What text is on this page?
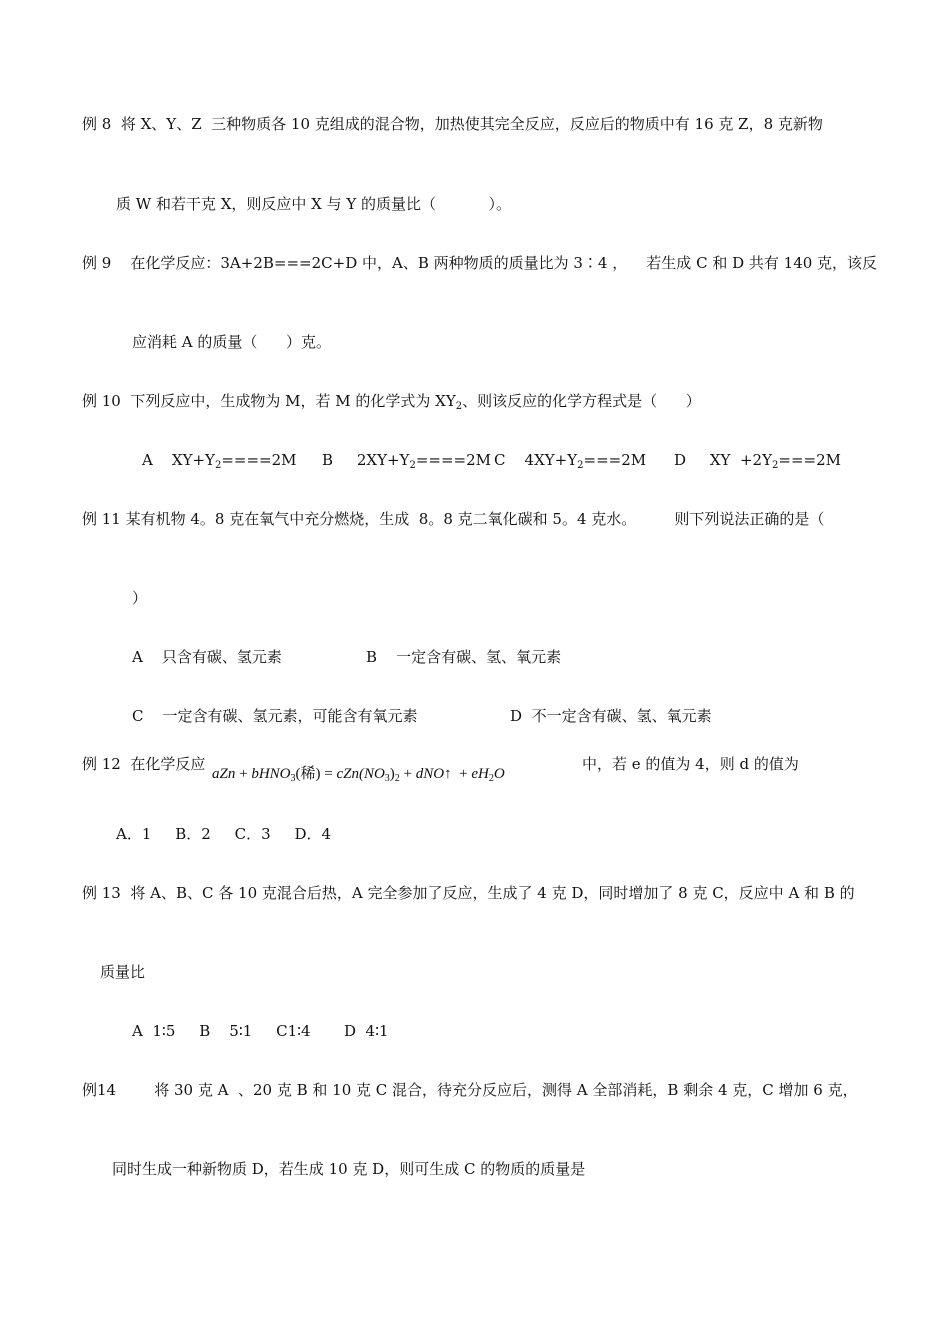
例 8  将 X、Y、Z  三种物质各 10 克组成的混合物，加热使其完全反应，反应后的物质中有 16 克 Z，8 克新物
质 W 和若干克 X，则反应中 X 与 Y 的质量比（           ）。
例 9    在化学反应：3A+2B===2C+D 中，A、B 两种物质的质量比为 3∶4 ，    若生成 C 和 D 共有 140 克，该反
应消耗 A 的质量（      ）克。
例 10  下列反应中，生成物为 M，若 M 的化学式为 $XY_2$、则该反应的化学方程式是（      ）
A    $XY+Y_2====2M$ B     $2XY+Y_2====2M$ C    $4XY+Y_2===2M$ D     XY  $+2Y_2===2M$
例 11 某有机物 4。8 克在氧气中充分燃烧，生成  8。8 克二氧化碳和 5。4 克水。        则下列说法正确的是（
）
A    只含有碳、氢元素	B    一定含有碳、氢、氧元素
C    一定含有碳、氢元素，可能含有氧元素	D  不一定含有碳、氢、氧元素
例 12  在化学反应
aZn + bHNO$_3$(稀) = $cZn(NO_3)_2$ + dNO↑  + $eH_2O$
中，若 e 的值为 4，则 d 的值为
A．1     B．2     C．3     D．4
例 13  将 A、B、C 各 10 克混合后热，A 完全参加了反应，生成了 4 克 D，同时增加了 8 克 C，反应中 A 和 B 的
质量比
A  1∶5     B    5∶1     C1∶4       D  4∶1
例14        将 30 克 A  、20 克 B 和 10 克 C 混合，待充分反应后，测得 A 全部消耗，B 剩余 4 克，C 增加 6 克，
同时生成一种新物质 D，若生成 10 克 D，则可生成 C 的物质的质量是
